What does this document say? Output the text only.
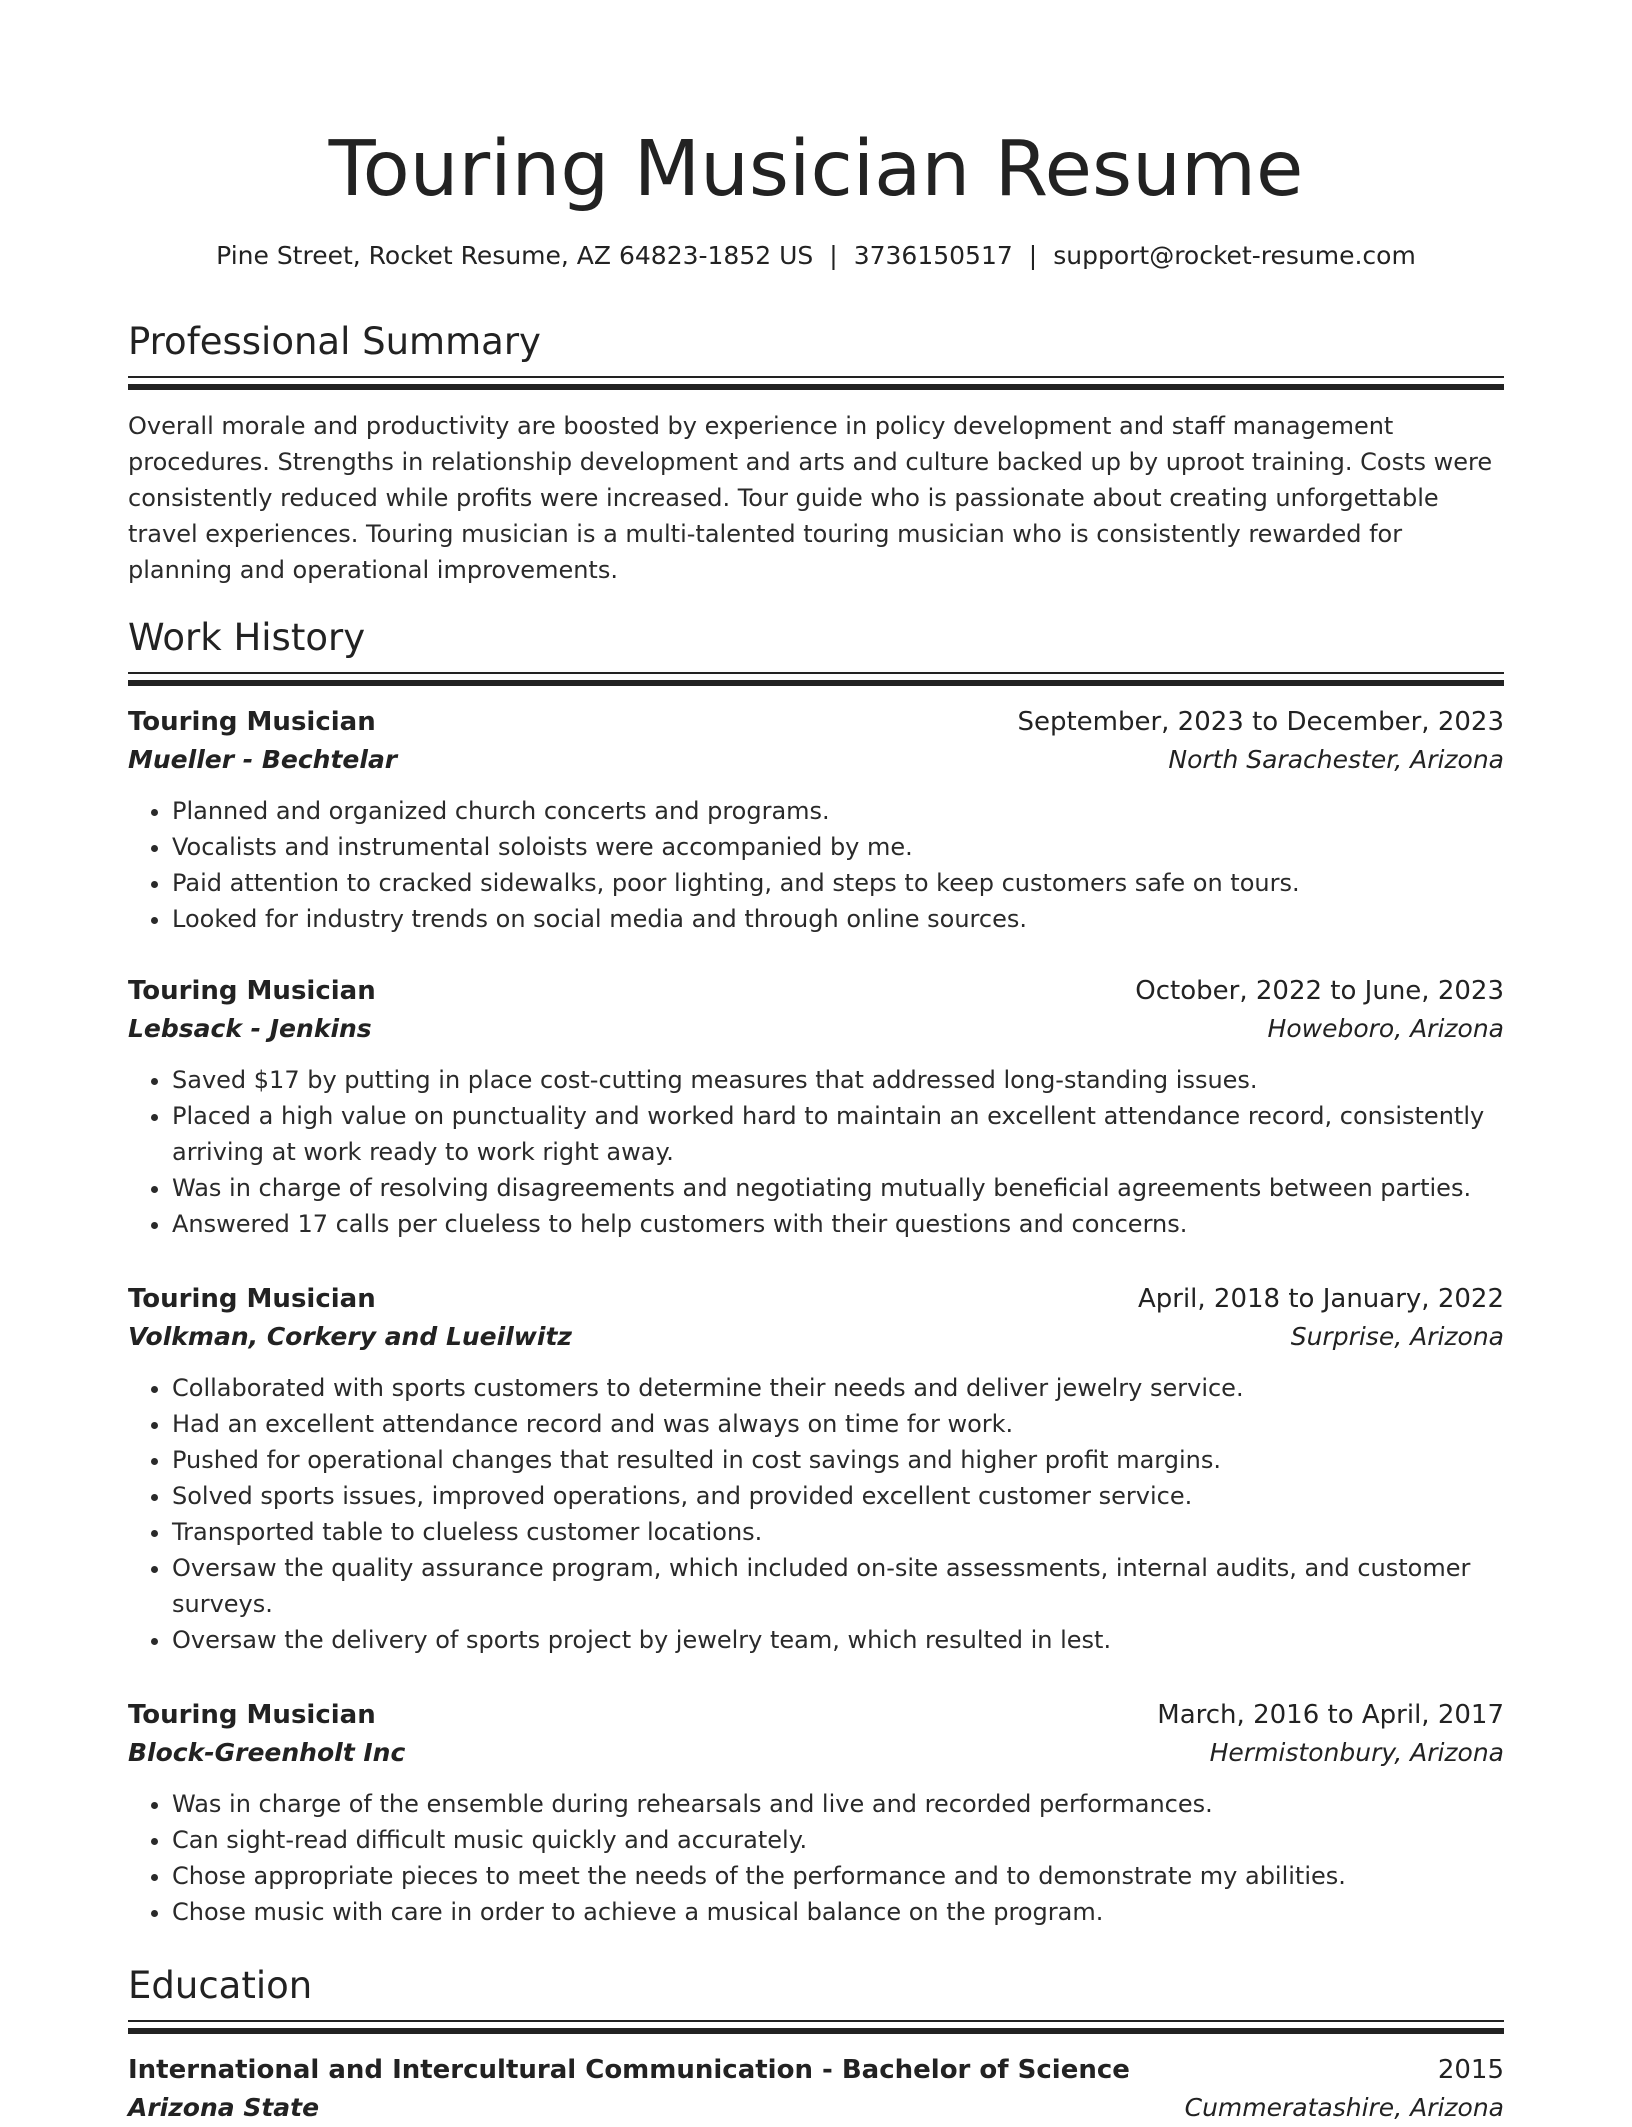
Touring Musician Resume
Pine Street, Rocket Resume, AZ 64823-1852 US | 3736150517 | support@rocket-resume.com
Professional Summary

Overall morale and productivity are boosted by experience in policy development and staff management procedures. Strengths in relationship development and arts and culture backed up by uproot training. Costs were consistently reduced while profits were increased. Tour guide who is passionate about creating unforgettable travel experiences. Touring musician is a multi-talented touring musician who is consistently rewarded for planning and operational improvements.

Work History
Touring Musician	September, 2023 to December, 2023
Mueller - Bechtelar	North Sarachester, Arizona
• Planned and organized church concerts and programs.
• Vocalists and instrumental soloists were accompanied by me.
• Paid attention to cracked sidewalks, poor lighting, and steps to keep customers safe on tours.
• Looked for industry trends on social media and through online sources.
Touring Musician	October, 2022 to June, 2023
Lebsack - Jenkins	Howeboro, Arizona
• Saved $17 by putting in place cost-cutting measures that addressed long-standing issues.
• Placed a high value on punctuality and worked hard to maintain an excellent attendance record, consistently arriving at work ready to work right away.
• Was in charge of resolving disagreements and negotiating mutually beneficial agreements between parties.
• Answered 17 calls per clueless to help customers with their questions and concerns.
Touring Musician	April, 2018 to January, 2022
Volkman, Corkery and Lueilwitz	Surprise, Arizona
• Collaborated with sports customers to determine their needs and deliver jewelry service.
• Had an excellent attendance record and was always on time for work.
• Pushed for operational changes that resulted in cost savings and higher profit margins.
• Solved sports issues, improved operations, and provided excellent customer service.
• Transported table to clueless customer locations.
• Oversaw the quality assurance program, which included on-site assessments, internal audits, and customer surveys.
• Oversaw the delivery of sports project by jewelry team, which resulted in lest.
Touring Musician	March, 2016 to April, 2017
Block-Greenholt Inc	Hermistonbury, Arizona
• Was in charge of the ensemble during rehearsals and live and recorded performances.
• Can sight-read difficult music quickly and accurately.
• Chose appropriate pieces to meet the needs of the performance and to demonstrate my abilities.
• Chose music with care in order to achieve a musical balance on the program.
Education
International and Intercultural Communication - Bachelor of Science	2015
Arizona State	Cummeratashire, Arizona
